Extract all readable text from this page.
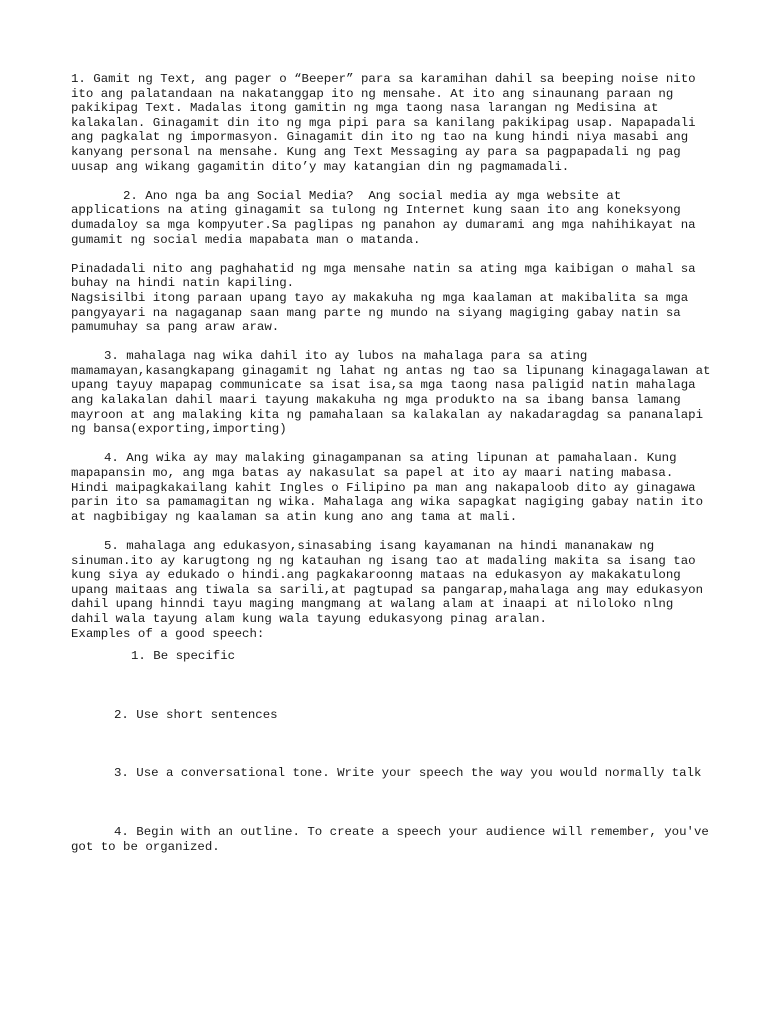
1. Gamit ng Text, ang pager o “Beeper” para sa karamihan dahil sa beeping noise nito ito ang palatandaan na nakatanggap ito ng mensahe. At ito ang sinaunang paraan ng pakikipag Text. Madalas itong gamitin ng mga taong nasa larangan ng Medisina at kalakalan. Ginagamit din ito ng mga pipi para sa kanilang pakikipag usap. Napapadali ang pagkalat ng impormasyon. Ginagamit din ito ng tao na kung hindi niya masabi ang kanyang personal na mensahe. Kung ang Text Messaging ay para sa pagpapadali ng pag uusap ang wikang gagamitin dito’y may katangian din ng pagmamadali.

2. Ano nga ba ang Social Media?  Ang social media ay mga website at applications na ating ginagamit sa tulong ng Internet kung saan ito ang koneksyong dumadaloy sa mga kompyuter.Sa paglipas ng panahon ay dumarami ang mga nahihikayat na gumamit ng social media mapabata man o matanda.

Pinadadali nito ang paghahatid ng mga mensahe natin sa ating mga kaibigan o mahal sa buhay na hindi natin kapiling.

Nagsisilbi itong paraan upang tayo ay makakuha ng mga kaalaman at makibalita sa mga pangyayari na nagaganap saan mang parte ng mundo na siyang magiging gabay natin sa pamumuhay sa pang araw araw.

3. mahalaga nag wika dahil ito ay lubos na mahalaga para sa ating mamamayan,kasangkapang ginagamit ng lahat ng antas ng tao sa lipunang kinagagalawan at upang tayuy mapapag communicate sa isat isa,sa mga taong nasa paligid natin mahalaga ang kalakalan dahil maari tayung makakuha ng mga produkto na sa ibang bansa lamang mayroon at ang malaking kita ng pamahalaan sa kalakalan ay nakadaragdag sa pananalapi ng bansa(exporting,importing)

4. Ang wika ay may malaking ginagampanan sa ating lipunan at pamahalaan. Kung mapapansin mo, ang mga batas ay nakasulat sa papel at ito ay maari nating mabasa. Hindi maipagkakailang kahit Ingles o Filipino pa man ang nakapaloob dito ay ginagawa parin ito sa pamamagitan ng wika. Mahalaga ang wika sapagkat nagiging gabay natin ito at nagbibigay ng kaalaman sa atin kung ano ang tama at mali.

5. mahalaga ang edukasyon,sinasabing isang kayamanan na hindi mananakaw ng sinuman.ito ay karugtong ng ng katauhan ng isang tao at madaling makita sa isang tao kung siya ay edukado o hindi.ang pagkakaroonng mataas na edukasyon ay makakatulong upang maitaas ang tiwala sa sarili,at pagtupad sa pangarap,mahalaga ang may edukasyon dahil upang hinndi tayu maging mangmang at walang alam at inaapi at niloloko nlng dahil wala tayung alam kung wala tayung edukasyong pinag aralan.

Examples of a good speech:

1. Be specific

2. Use short sentences

3. Use a conversational tone. Write your speech the way you would normally talk

4. Begin with an outline. To create a speech your audience will remember, you've got to be organized.
